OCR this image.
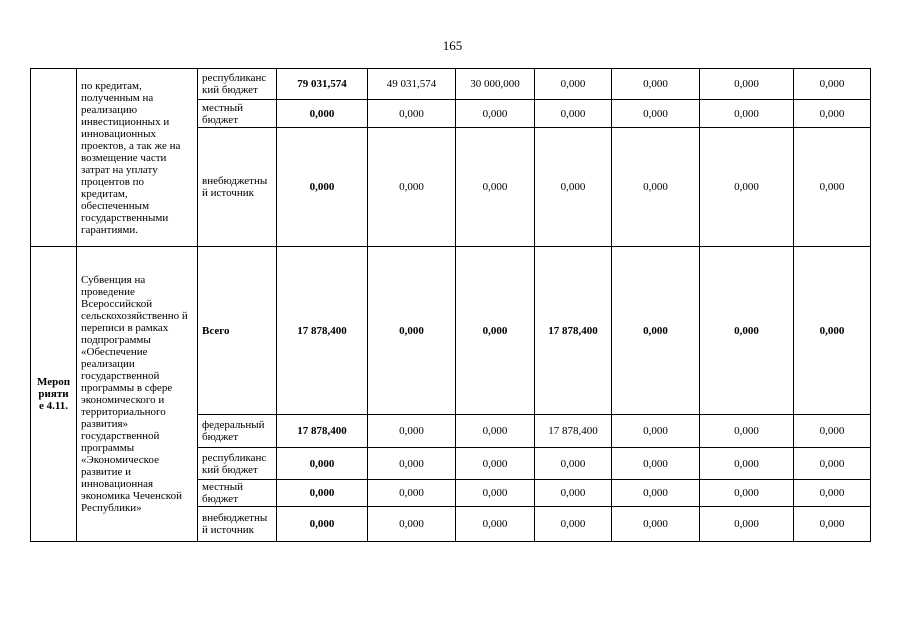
165
	по кредитам, полученным на реализацию инвестиционных и инновационных проектов, а так же на возмещение части затрат на уплату процентов по кредитам, обеспеченным государственными гарантиями.	республиканс кий бюджет	79 031,574	49 031,574	30 000,000	0,000	0,000	0,000	0,000
		местный бюджет	0,000	0,000	0,000	0,000	0,000	0,000	0,000
		внебюджетны й источник	0,000	0,000	0,000	0,000	0,000	0,000	0,000
Мероп рияти е 4.11.	Субвенция на проведение Всероссийской сельскохозяйственно й переписи в рамках подпрограммы «Обеспечение реализации государственной программы в сфере экономического и территориального развития» государственной программы «Экономическое развитие и инновационная экономика Чеченской Республики»	Всего	17 878,400	0,000	0,000	17 878,400	0,000	0,000	0,000
		федеральный бюджет	17 878,400	0,000	0,000	17 878,400	0,000	0,000	0,000
		республиканс кий бюджет	0,000	0,000	0,000	0,000	0,000	0,000	0,000
		местный бюджет	0,000	0,000	0,000	0,000	0,000	0,000	0,000
		внебюджетны й источник	0,000	0,000	0,000	0,000	0,000	0,000	0,000
